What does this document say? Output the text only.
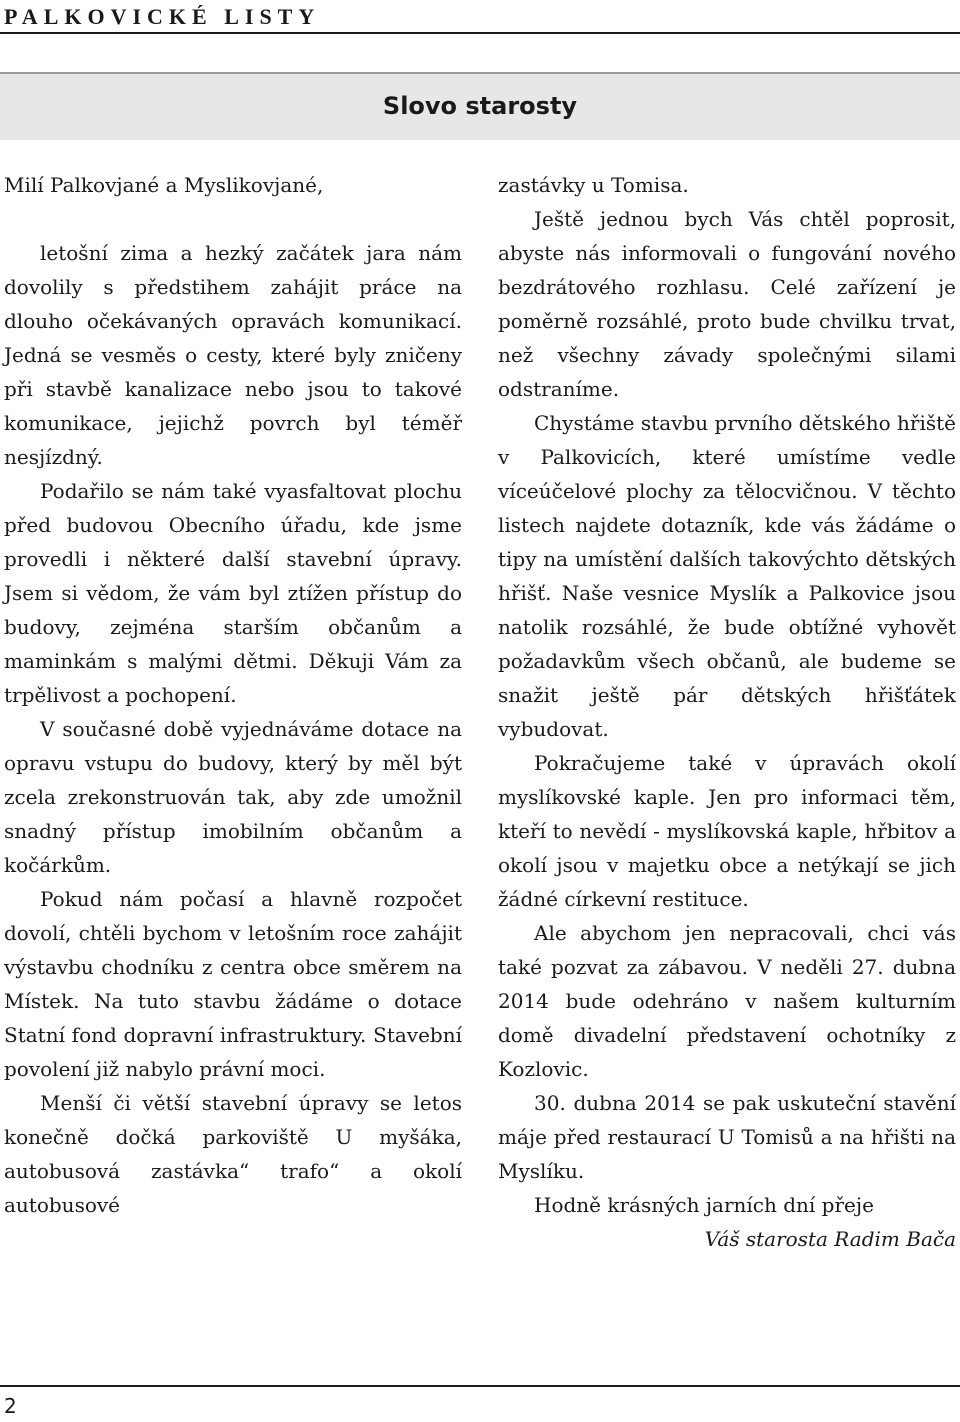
PALKOVICKÉ LISTY
Slovo starosty

Milí Palkovjané a Myslikovjané,

letošní zima a hezký začátek jara nám dovolily s předstihem zahájit práce na dlouho očekávaných opravách komunikací. Jedná se vesměs o cesty, které byly zničeny při stavbě kanalizace nebo jsou to takové komunikace, jejichž povrch byl téměř nesjízdný.

Podařilo se nám také vyasfaltovat plochu před budovou Obecního úřadu, kde jsme provedli i některé další stavební úpravy. Jsem si vědom, že vám byl ztížen přístup do budovy, zejména starším občanům a maminkám s malými dětmi. Děkuji Vám za trpělivost a pochopení.

V současné době vyjednáváme dotace na opravu vstupu do budovy, který by měl být zcela zrekonstruován tak, aby zde umožnil snadný přístup imobilním občanům a kočárkům.

Pokud nám počasí a hlavně rozpočet dovolí, chtěli bychom v letošním roce zahájit výstavbu chodníku z centra obce směrem na Místek. Na tuto stavbu žádáme o dotace Statní fond dopravní infrastruktury. Stavební povolení již nabylo právní moci.

Menší či větší stavební úpravy se letos konečně dočká parkoviště U myšáka, autobusová zastávka“ trafo“ a okolí autobusové

zastávky u Tomisa.

Ještě jednou bych Vás chtěl poprosit, abyste nás informovali o fungování nového bezdrátového rozhlasu. Celé zařízení je poměrně rozsáhlé, proto bude chvilku trvat, než všechny závady společnými silami odstraníme.

Chystáme stavbu prvního dětského hřiště v Palkovicích, které umístíme vedle víceúčelové plochy za tělocvičnou. V těchto listech najdete dotazník, kde vás žádáme o tipy na umístění dalších takovýchto dětských hřišť. Naše vesnice Myslík a Palkovice jsou natolik rozsáhlé, že bude obtížné vyhovět požadavkům všech občanů, ale budeme se snažit ještě pár dětských hřišťátek vybudovat.

Pokračujeme také v úpravách okolí myslíkovské kaple. Jen pro informaci těm, kteří to nevědí - myslíkovská kaple, hřbitov a okolí jsou v majetku obce a netýkají se jich žádné církevní restituce.

Ale abychom jen nepracovali, chci vás také pozvat za zábavou. V neděli 27. dubna 2014 bude odehráno v našem kulturním domě divadelní představení ochotníky z Kozlovic.

30. dubna 2014 se pak uskuteční stavění máje před restaurací U Tomisů a na hřišti na Myslíku.

Hodně krásných jarních dní přeje

Váš starosta Radim Bača

2
